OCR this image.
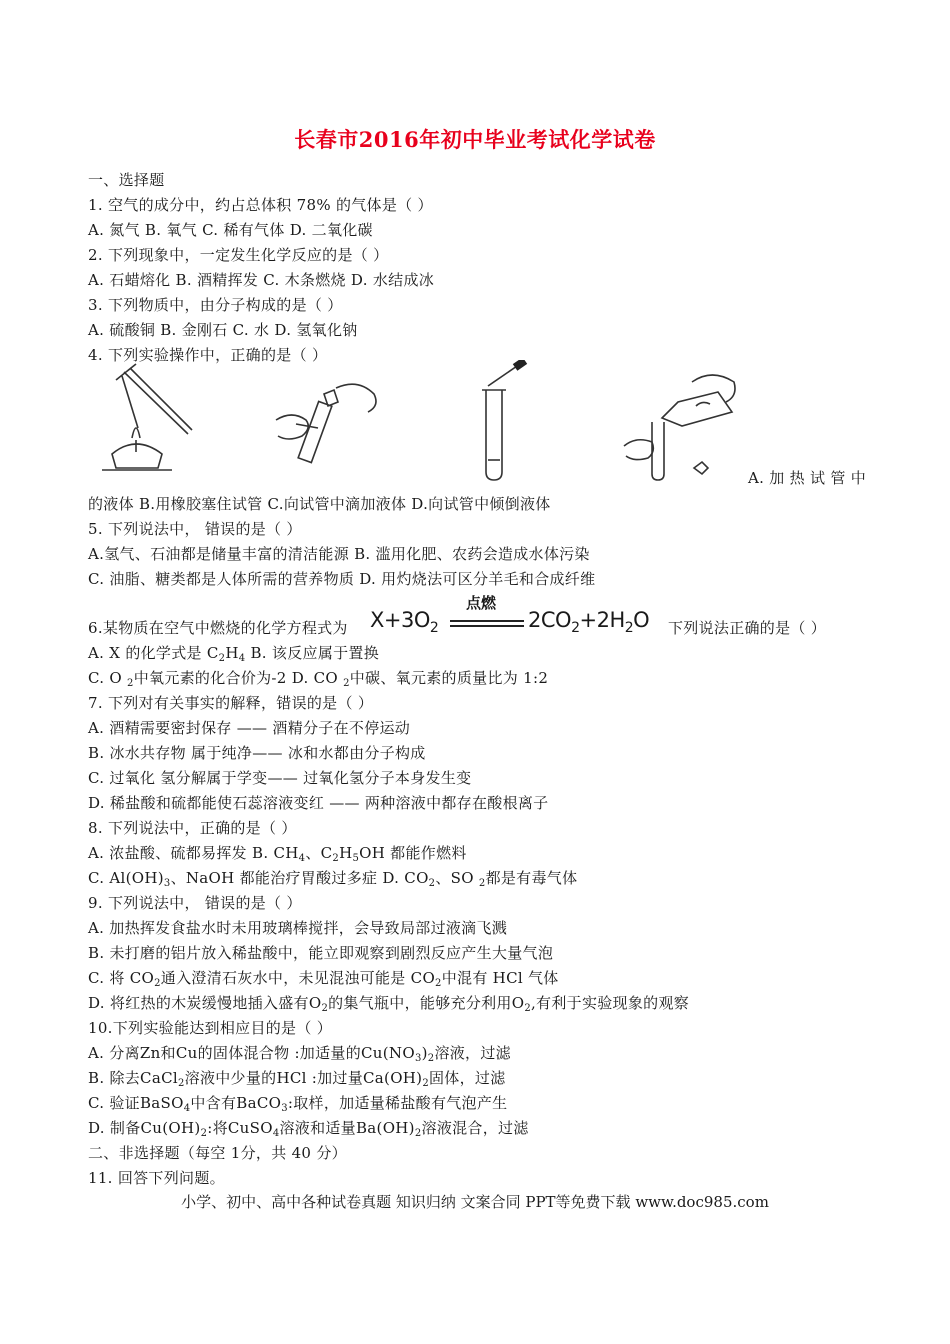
长春市2016年初中毕业考试化学试卷
一、选择题
1. 空气的成分中，约占总体积 78% 的气体是（ ）
A. 氮气 B. 氧气 C. 稀有气体 D. 二氧化碳
2. 下列现象中，一定发生化学反应的是（ ）
A. 石蜡熔化 B. 酒精挥发 C. 木条燃烧 D. 水结成冰
3. 下列物质中，由分子构成的是（ ）
A. 硫酸铜 B. 金刚石 C. 水 D. 氢氧化钠
4. 下列实验操作中，正确的是（ ）
A. 加 热 试 管 中
的液体 B.用橡胶塞住试管 C.向试管中滴加液体 D.向试管中倾倒液体
5. 下列说法中， 错误的是（ ）
A.氢气、石油都是储量丰富的清洁能源 B. 滥用化肥、农药会造成水体污染
C. 油脂、糖类都是人体所需的营养物质 D. 用灼烧法可区分羊毛和合成纤维
6.某物质在空气中燃烧的化学方程式为 $X+3O_2$
点燃
$2CO_2+2H_2O$ 下列说法正确的是（ ）
A. X 的化学式是 $C_2H_4$ B. 该反应属于置换
C. O $_2$中氧元素的化合价为-2 D. CO $_2$中碳、氧元素的质量比为 1:2
7. 下列对有关事实的解释，错误的是（ ）
A. 酒精需要密封保存 —— 酒精分子在不停运动
B. 冰水共存物 属于纯净—— 冰和水都由分子构成
C. 过氧化 氢分解属于学变—— 过氧化氢分子本身发生变
D. 稀盐酸和硫都能使石蕊溶液变红 —— 两种溶液中都存在酸根离子
8. 下列说法中，正确的是（ ）
A. 浓盐酸、硫都易挥发 B. $CH_4$、$C_2H_5OH$ 都能作燃料
C. $Al(OH)_3$、NaOH 都能治疗胃酸过多症 D. $CO_2$、SO $_2$都是有毒气体
9. 下列说法中， 错误的是（ ）
A. 加热挥发食盐水时未用玻璃棒搅拌，会导致局部过液滴飞溅
B. 未打磨的铝片放入稀盐酸中，能立即观察到剧烈反应产生大量气泡
C. 将 $CO_2$通入澄清石灰水中，未见混浊可能是 $CO_2$中混有 HCl 气体
D. 将红热的木炭缓慢地插入盛有$O_2$的集气瓶中，能够充分利用$O_2$,有利于实验现象的观察
10.下列实验能达到相应目的是（ ）
A. 分离Zn和Cu的固体混合物 :加适量的$Cu(NO_3)_2$溶液，过滤
B. 除去CaCl$_2$溶液中少量的HCl :加过量$Ca(OH)_2$固体，过滤
C. 验证BaSO$_4$中含有BaCO$_3$:取样，加适量稀盐酸有气泡产生
D. 制备$Cu(OH)_2$:将CuSO$_4$溶液和适量$Ba(OH)_2$溶液混合，过滤
二、非选择题（每空 1分，共 40 分）
11. 回答下列问题。
小学、初中、高中各种试卷真题 知识归纳 文案合同 PPT等免费下载 www.doc985.com
